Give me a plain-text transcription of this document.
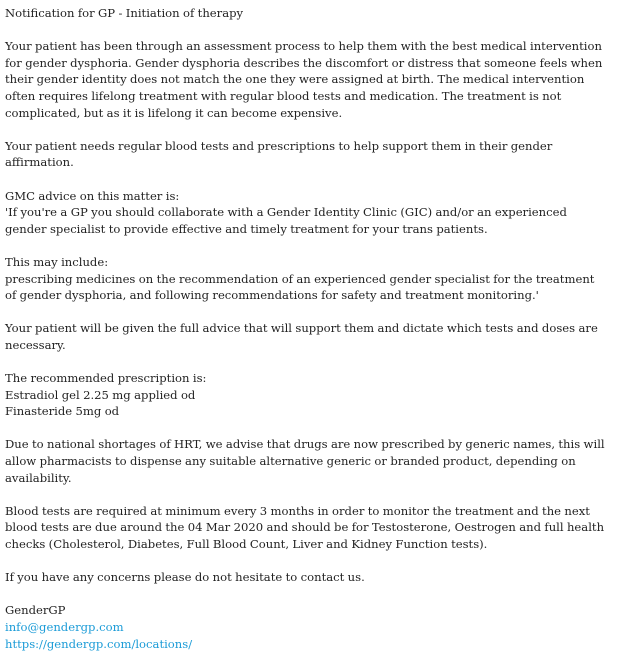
Notification for GP - Initiation of therapy

Your patient has been through an assessment process to help them with the best medical intervention for gender dysphoria. Gender dysphoria describes the discomfort or distress that someone feels when their gender identity does not match the one they were assigned at birth. The medical intervention often requires lifelong treatment with regular blood tests and medication. The treatment is not complicated, but as it is lifelong it can become expensive.

Your patient needs regular blood tests and prescriptions to help support them in their gender affirmation.

GMC advice on this matter is:
'If you're a GP you should collaborate with a Gender Identity Clinic (GIC) and/or an experienced gender specialist to provide effective and timely treatment for your trans patients.

This may include:
prescribing medicines on the recommendation of an experienced gender specialist for the treatment of gender dysphoria, and following recommendations for safety and treatment monitoring.'

Your patient will be given the full advice that will support them and dictate which tests and doses are necessary.

The recommended prescription is:
Estradiol gel 2.25 mg applied od
Finasteride 5mg od

Due to national shortages of HRT, we advise that drugs are now prescribed by generic names, this will allow pharmacists to dispense any suitable alternative generic or branded product, depending on availability.

Blood tests are required at minimum every 3 months in order to monitor the treatment and the next blood tests are due around the 04 Mar 2020 and should be for Testosterone, Oestrogen and full health checks (Cholesterol, Diabetes, Full Blood Count, Liver and Kidney Function tests).

If you have any concerns please do not hesitate to contact us.

GenderGP
info@gendergp.com
https://gendergp.com/locations/
